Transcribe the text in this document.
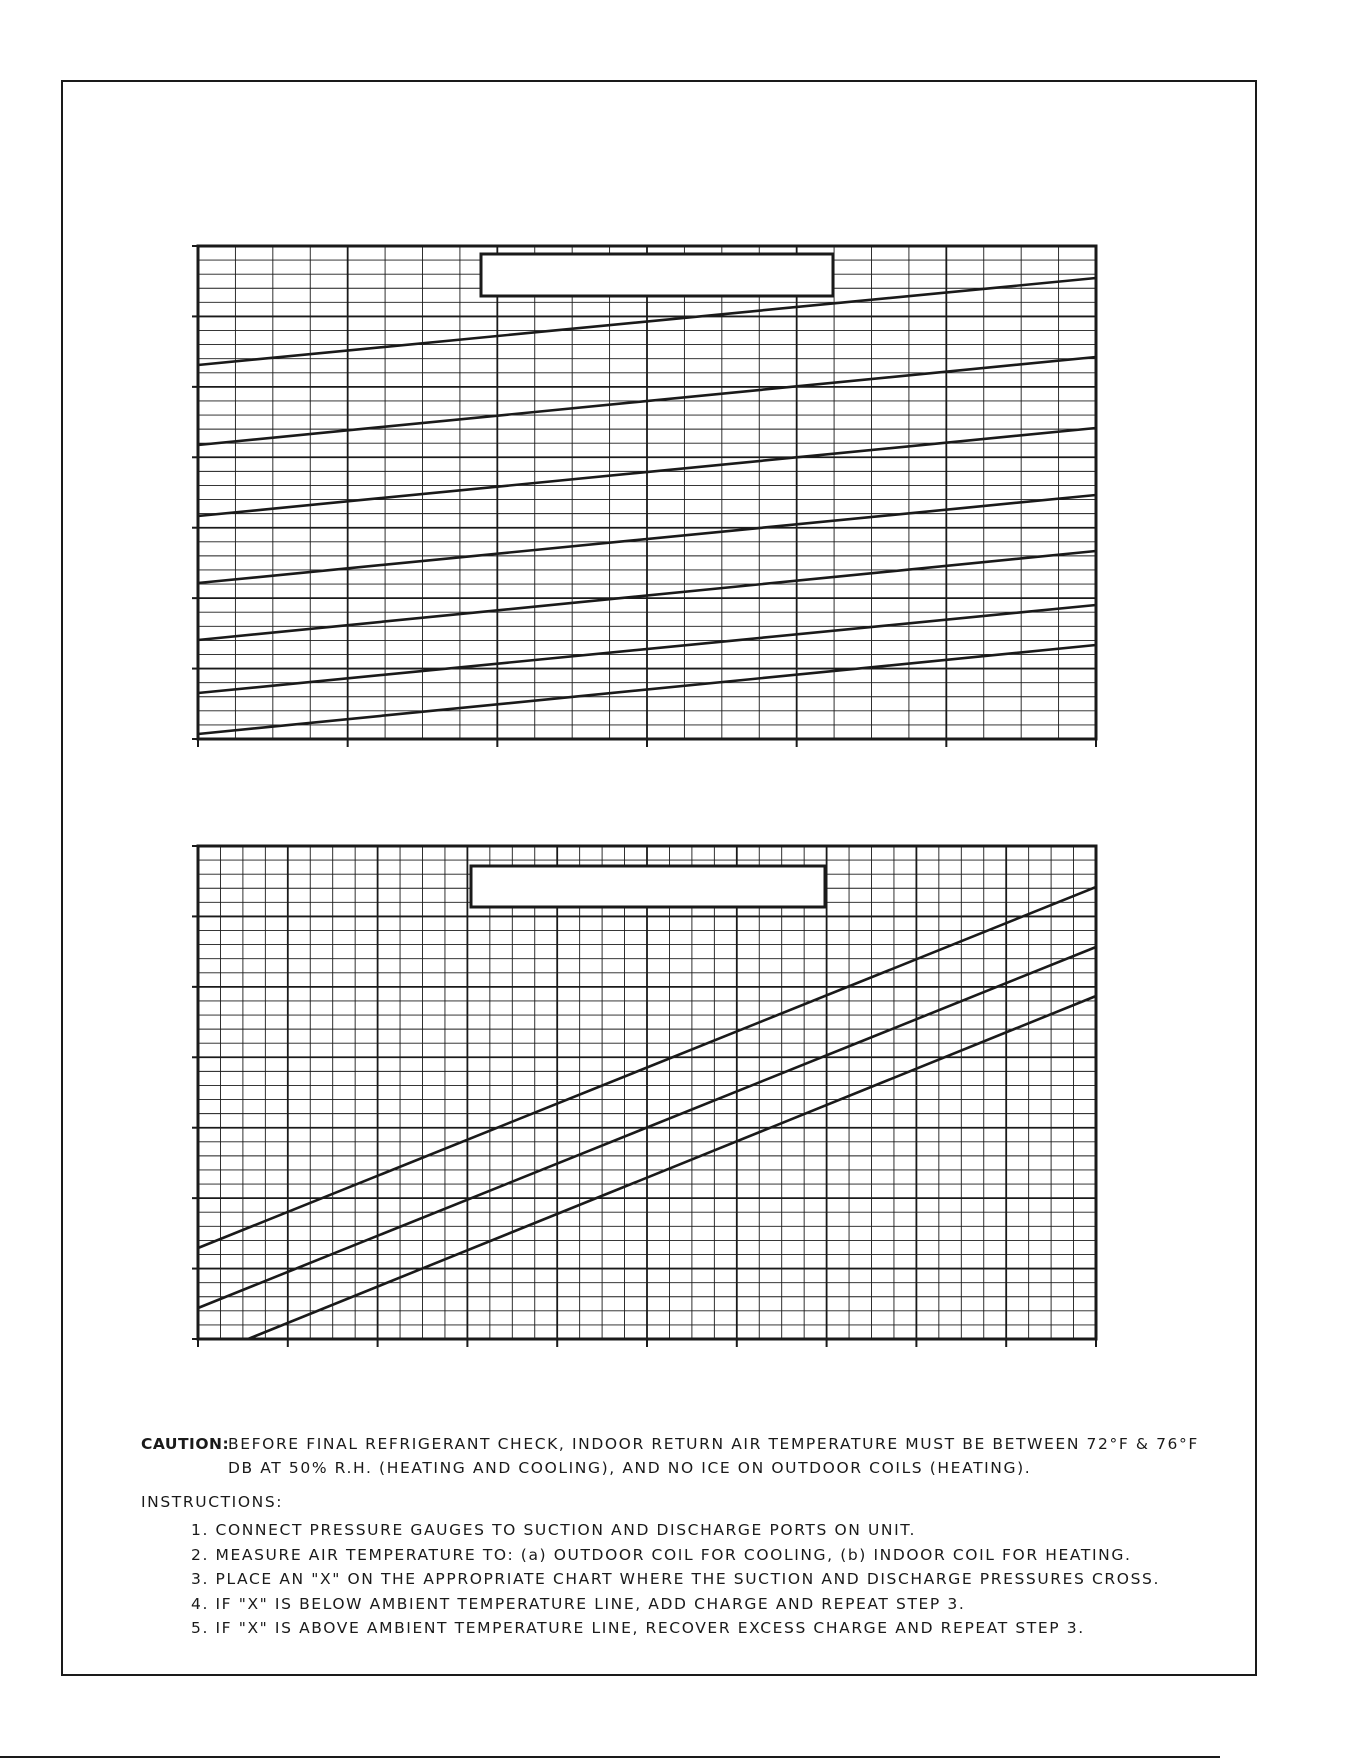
CAUTION:
BEFORE FINAL REFRIGERANT CHECK, INDOOR RETURN AIR TEMPERATURE MUST BE BETWEEN 72°F & 76°F
DB AT 50% R.H. (HEATING AND COOLING), AND NO ICE ON OUTDOOR COILS (HEATING).
INSTRUCTIONS:
1. CONNECT PRESSURE GAUGES TO SUCTION AND DISCHARGE PORTS ON UNIT.
2. MEASURE AIR TEMPERATURE TO: (a) OUTDOOR COIL FOR COOLING, (b) INDOOR COIL FOR HEATING.
3. PLACE AN "X" ON THE APPROPRIATE CHART WHERE THE SUCTION AND DISCHARGE PRESSURES CROSS.
4. IF "X" IS BELOW AMBIENT TEMPERATURE LINE, ADD CHARGE AND REPEAT STEP 3.
5. IF "X" IS ABOVE AMBIENT TEMPERATURE LINE, RECOVER EXCESS CHARGE AND REPEAT STEP 3.
